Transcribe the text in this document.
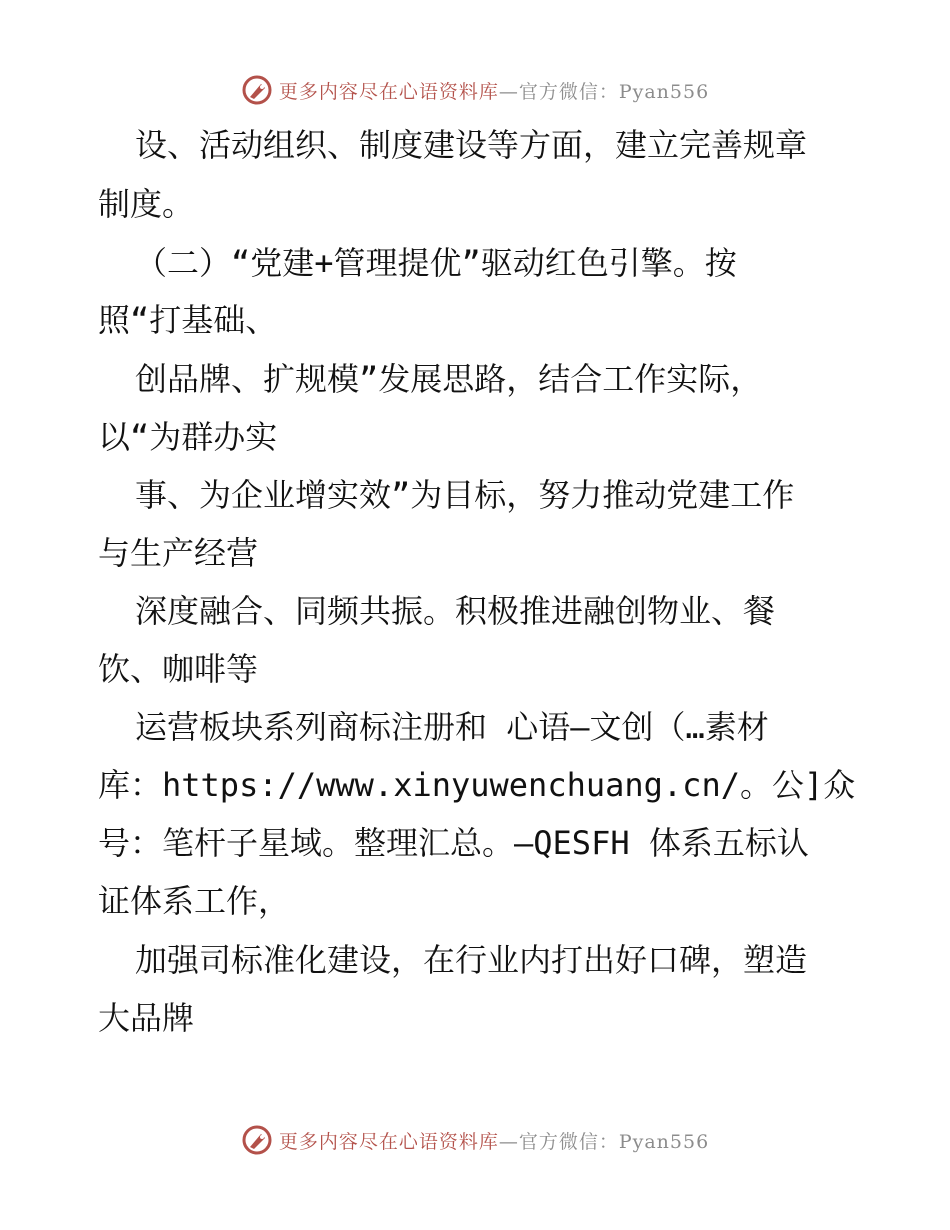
更多内容尽在心语资料库—官方微信：Pyan556
设、活动组织、制度建设等方面，建立完善规章
制度。
（二）“党建+管理提优”驱动红色引擎。按
照“打基础、
创品牌、扩规模”发展思路，结合工作实际，
以“为群办实
事、为企业增实效”为目标，努力推动党建工作
与生产经营
深度融合、同频共振。积极推进融创物业、餐
饮、咖啡等
运营板块系列商标注册和 心语—文创（…素材
库：https://www.xinyuwenchuang.cn/。公]众
号：笔杆子星域。整理汇总。—QESFH 体系五标认
证体系工作，
加强司标准化建设，在行业内打出好口碑，塑造
大品牌
更多内容尽在心语资料库—官方微信：Pyan556
